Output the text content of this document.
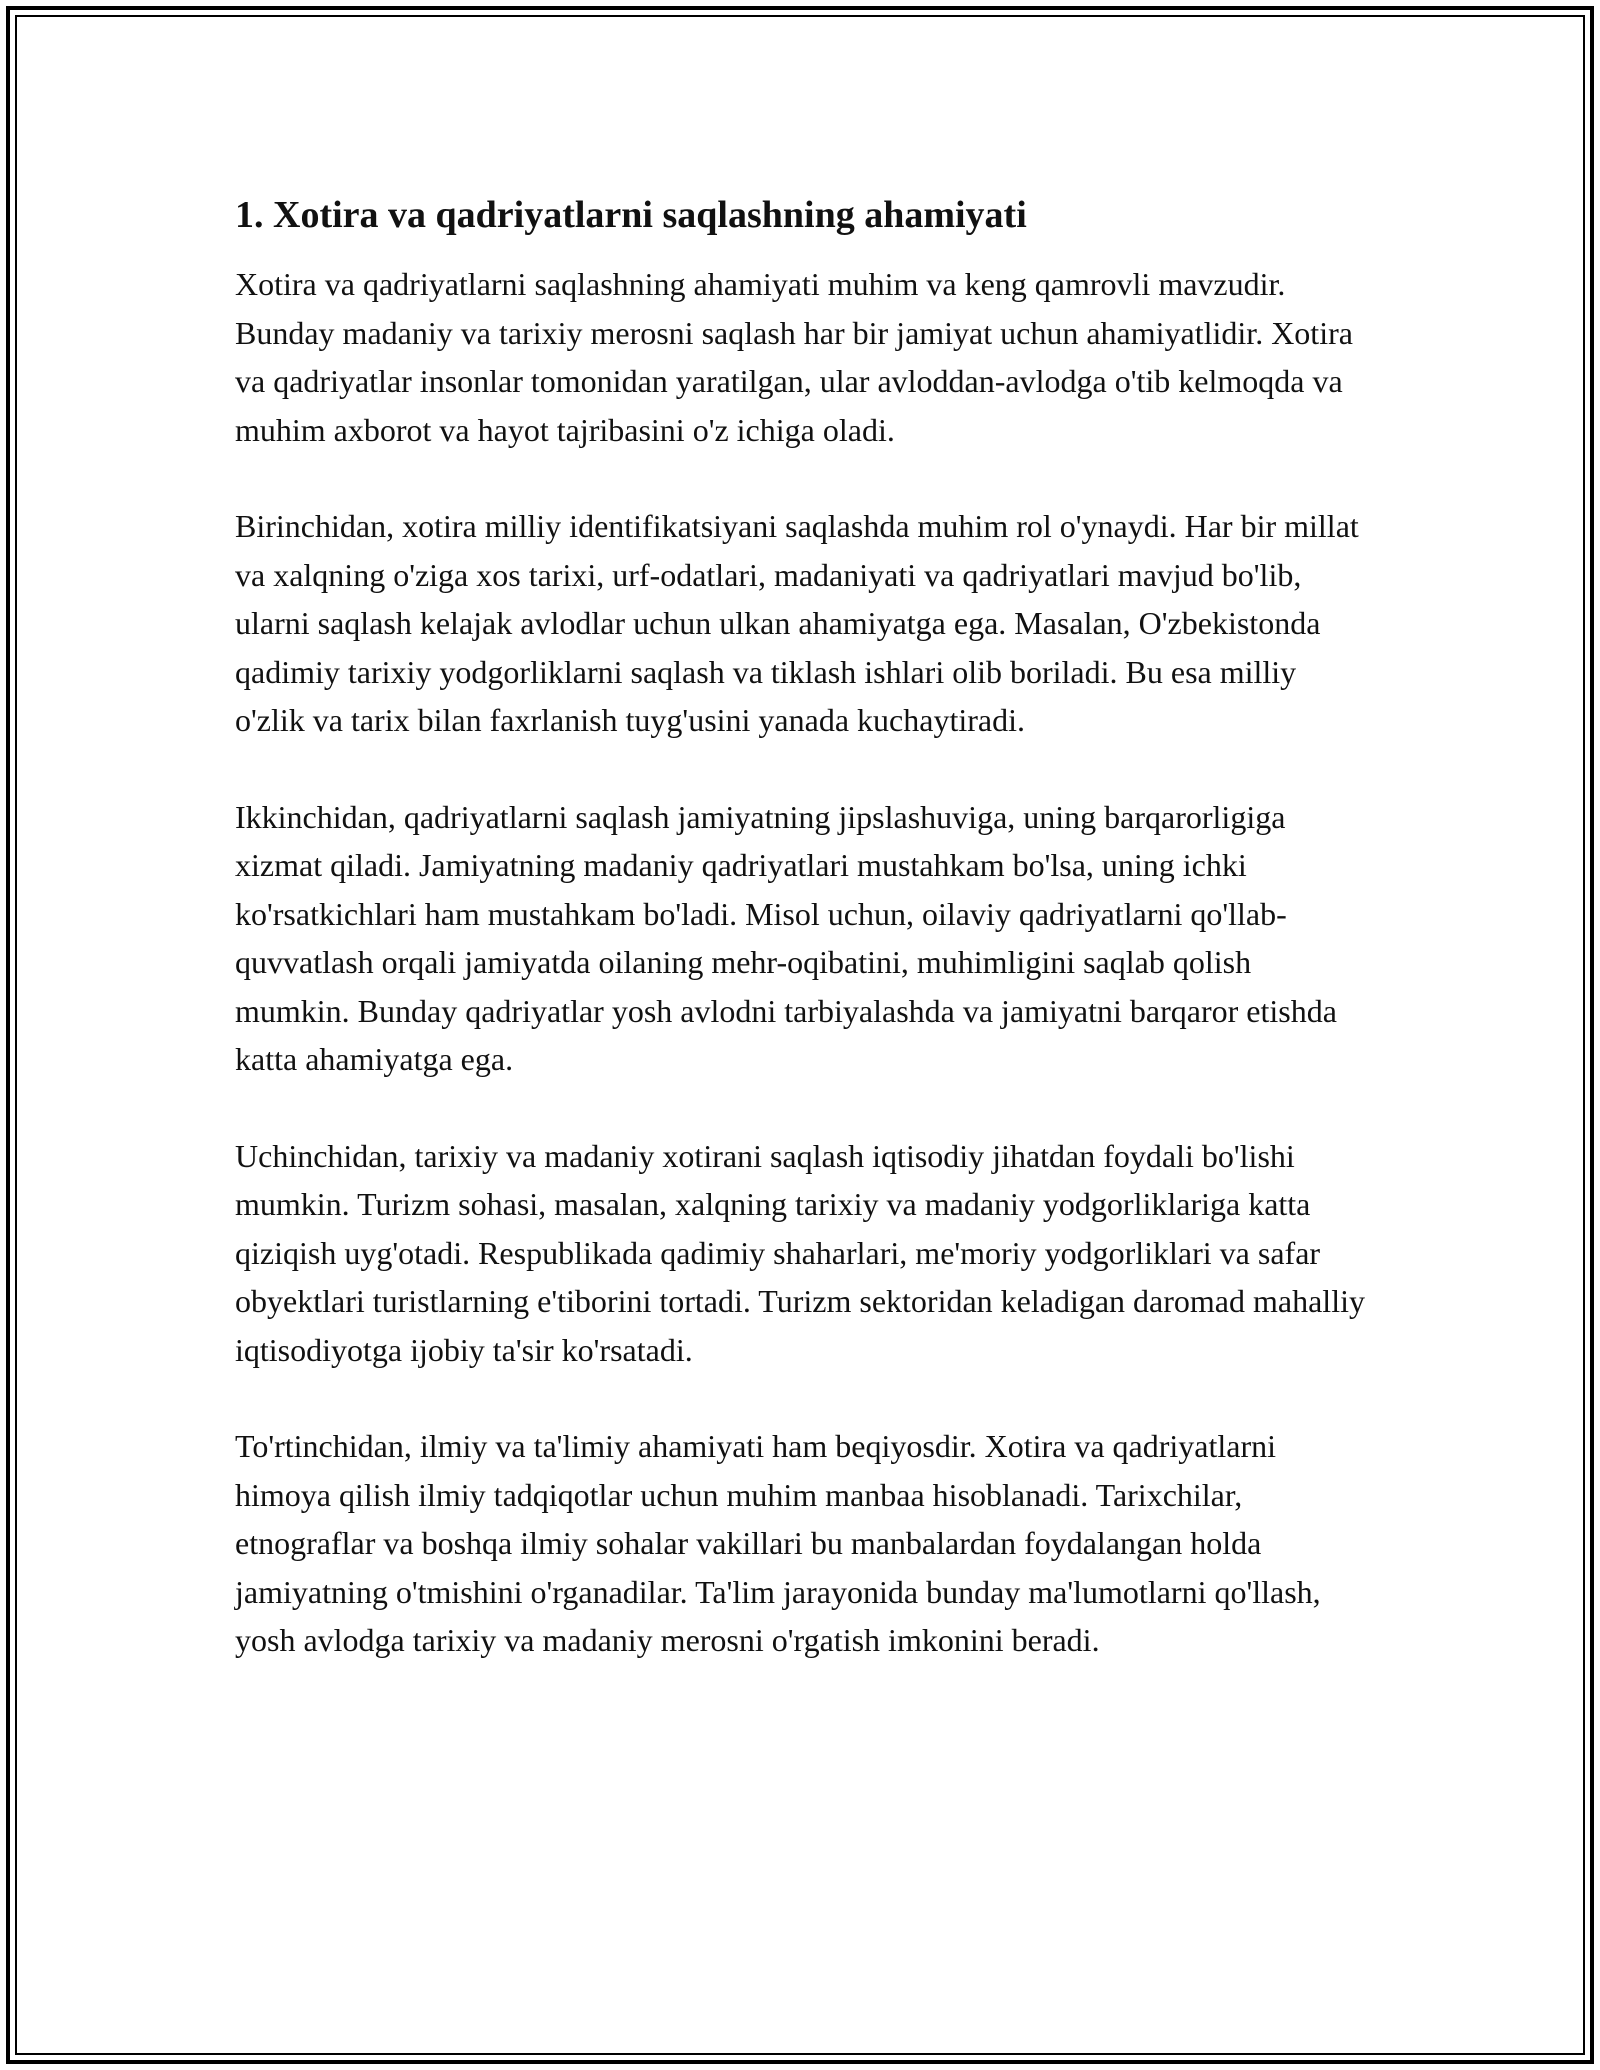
1. Xotira va qadriyatlarni saqlashning ahamiyati

Xotira va qadriyatlarni saqlashning ahamiyati muhim va keng qamrovli mavzudir. Bunday madaniy va tarixiy merosni saqlash har bir jamiyat uchun ahamiyatlidir. Xotira va qadriyatlar insonlar tomonidan yaratilgan, ular avloddan-avlodga o'tib kelmoqda va muhim axborot va hayot tajribasini o'z ichiga oladi.

Birinchidan, xotira milliy identifikatsiyani saqlashda muhim rol o'ynaydi. Har bir millat va xalqning o'ziga xos tarixi, urf-odatlari, madaniyati va qadriyatlari mavjud bo'lib, ularni saqlash kelajak avlodlar uchun ulkan ahamiyatga ega. Masalan, O'zbekistonda qadimiy tarixiy yodgorliklarni saqlash va tiklash ishlari olib boriladi. Bu esa milliy o'zlik va tarix bilan faxrlanish tuyg'usini yanada kuchaytiradi.

Ikkinchidan, qadriyatlarni saqlash jamiyatning jipslashuviga, uning barqarorligiga xizmat qiladi. Jamiyatning madaniy qadriyatlari mustahkam bo'lsa, uning ichki ko'rsatkichlari ham mustahkam bo'ladi. Misol uchun, oilaviy qadriyatlarni qo'llab-quvvatlash orqali jamiyatda oilaning mehr-oqibatini, muhimligini saqlab qolish mumkin. Bunday qadriyatlar yosh avlodni tarbiyalashda va jamiyatni barqaror etishda katta ahamiyatga ega.

Uchinchidan, tarixiy va madaniy xotirani saqlash iqtisodiy jihatdan foydali bo'lishi mumkin. Turizm sohasi, masalan, xalqning tarixiy va madaniy yodgorliklariga katta qiziqish uyg'otadi. Respublikada qadimiy shaharlari, me'moriy yodgorliklari va safar obyektlari turistlarning e'tiborini tortadi. Turizm sektoridan keladigan daromad mahalliy iqtisodiyotga ijobiy ta'sir ko'rsatadi.

To'rtinchidan, ilmiy va ta'limiy ahamiyati ham beqiyosdir. Xotira va qadriyatlarni himoya qilish ilmiy tadqiqotlar uchun muhim manbaa hisoblanadi. Tarixchilar, etnograflar va boshqa ilmiy sohalar vakillari bu manbalardan foydalangan holda jamiyatning o'tmishini o'rganadilar. Ta'lim jarayonida bunday ma'lumotlarni qo'llash, yosh avlodga tarixiy va madaniy merosni o'rgatish imkonini beradi.
